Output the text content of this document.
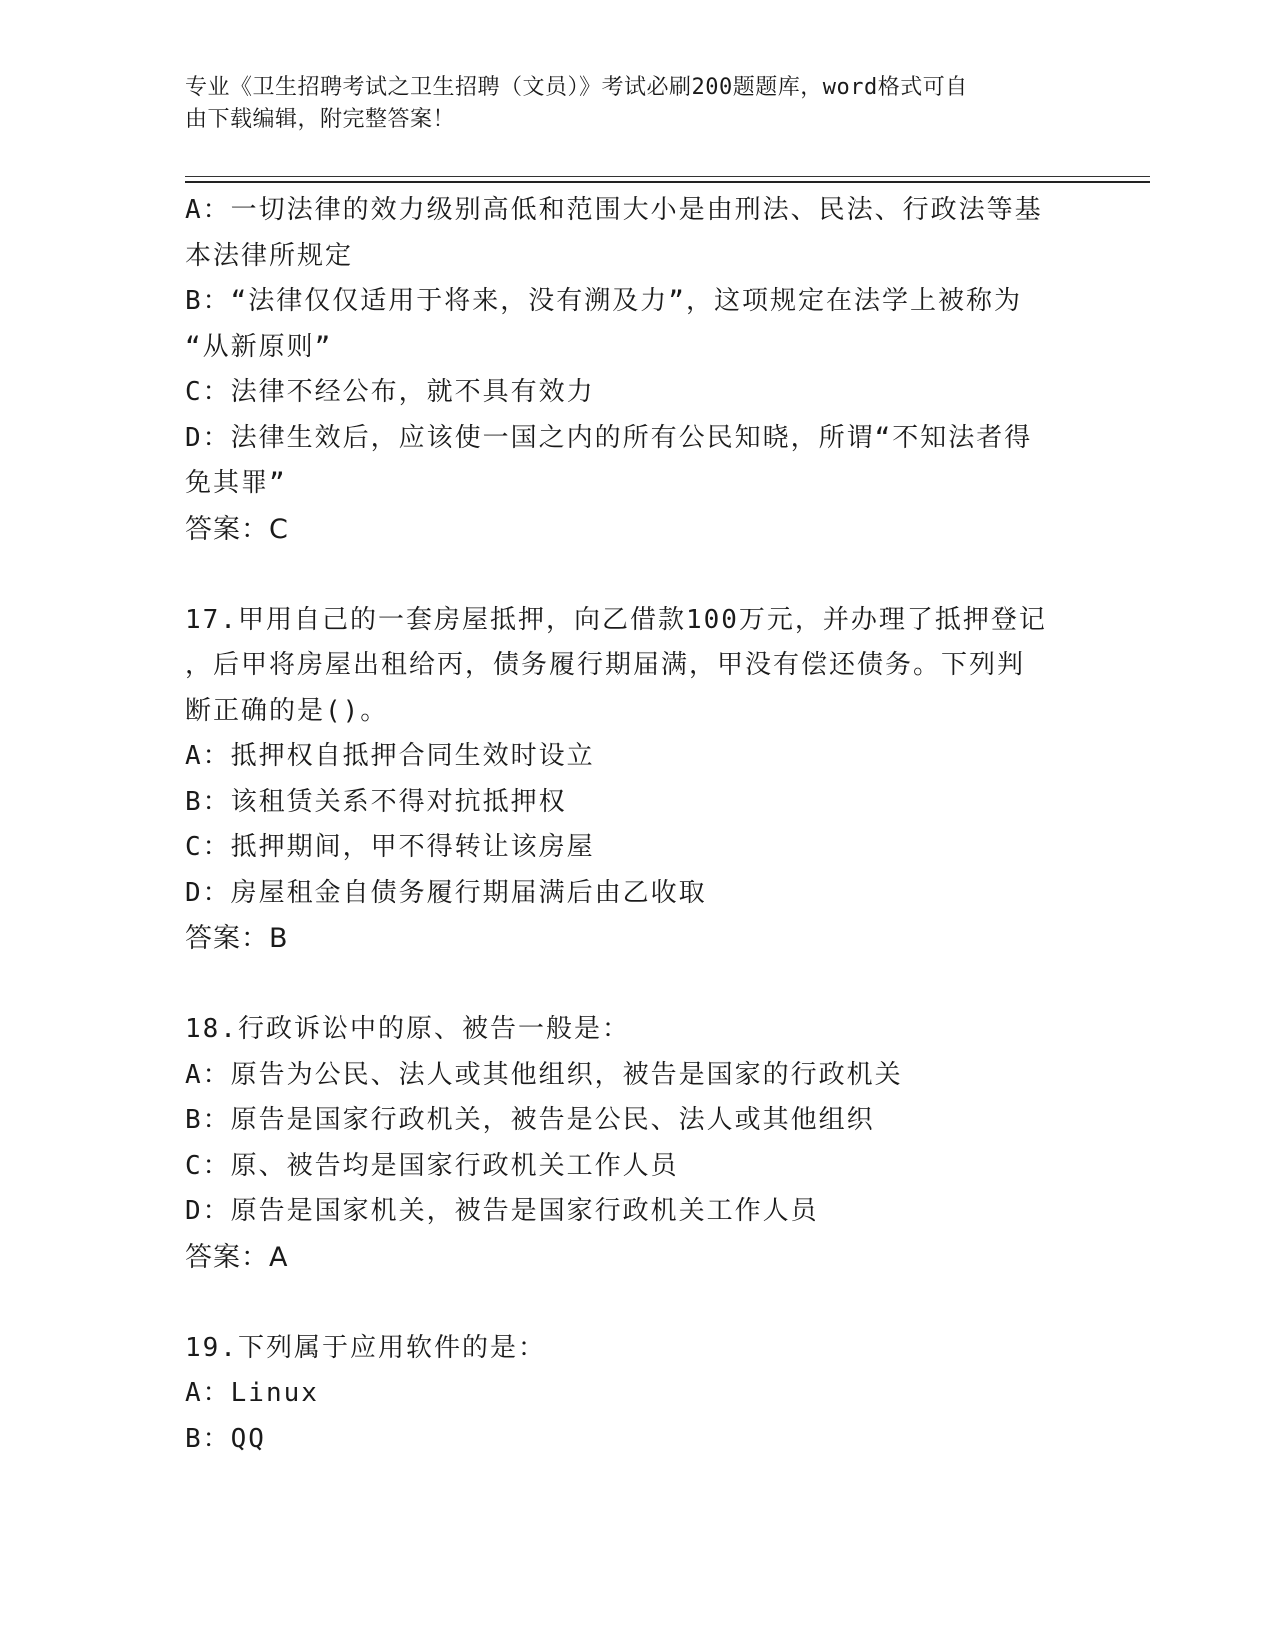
专业《卫生招聘考试之卫生招聘（文员）》考试必刷200题题库，word格式可自
由下载编辑，附完整答案！
A：一切法律的效力级别高低和范围大小是由刑法、民法、行政法等基
本法律所规定
B：“法律仅仅适用于将来，没有溯及力”，这项规定在法学上被称为
“从新原则”
C：法律不经公布，就不具有效力
D：法律生效后，应该使一国之内的所有公民知晓，所谓“不知法者得
免其罪”
答案：C
17.甲用自己的一套房屋抵押，向乙借款100万元，并办理了抵押登记
，后甲将房屋出租给丙，债务履行期届满，甲没有偿还债务。下列判
断正确的是()。
A：抵押权自抵押合同生效时设立
B：该租赁关系不得对抗抵押权
C：抵押期间，甲不得转让该房屋
D：房屋租金自债务履行期届满后由乙收取
答案：B
18.行政诉讼中的原、被告一般是：
A：原告为公民、法人或其他组织，被告是国家的行政机关
B：原告是国家行政机关，被告是公民、法人或其他组织
C：原、被告均是国家行政机关工作人员
D：原告是国家机关，被告是国家行政机关工作人员
答案：A
19.下列属于应用软件的是：
A：Linux
B：QQ
